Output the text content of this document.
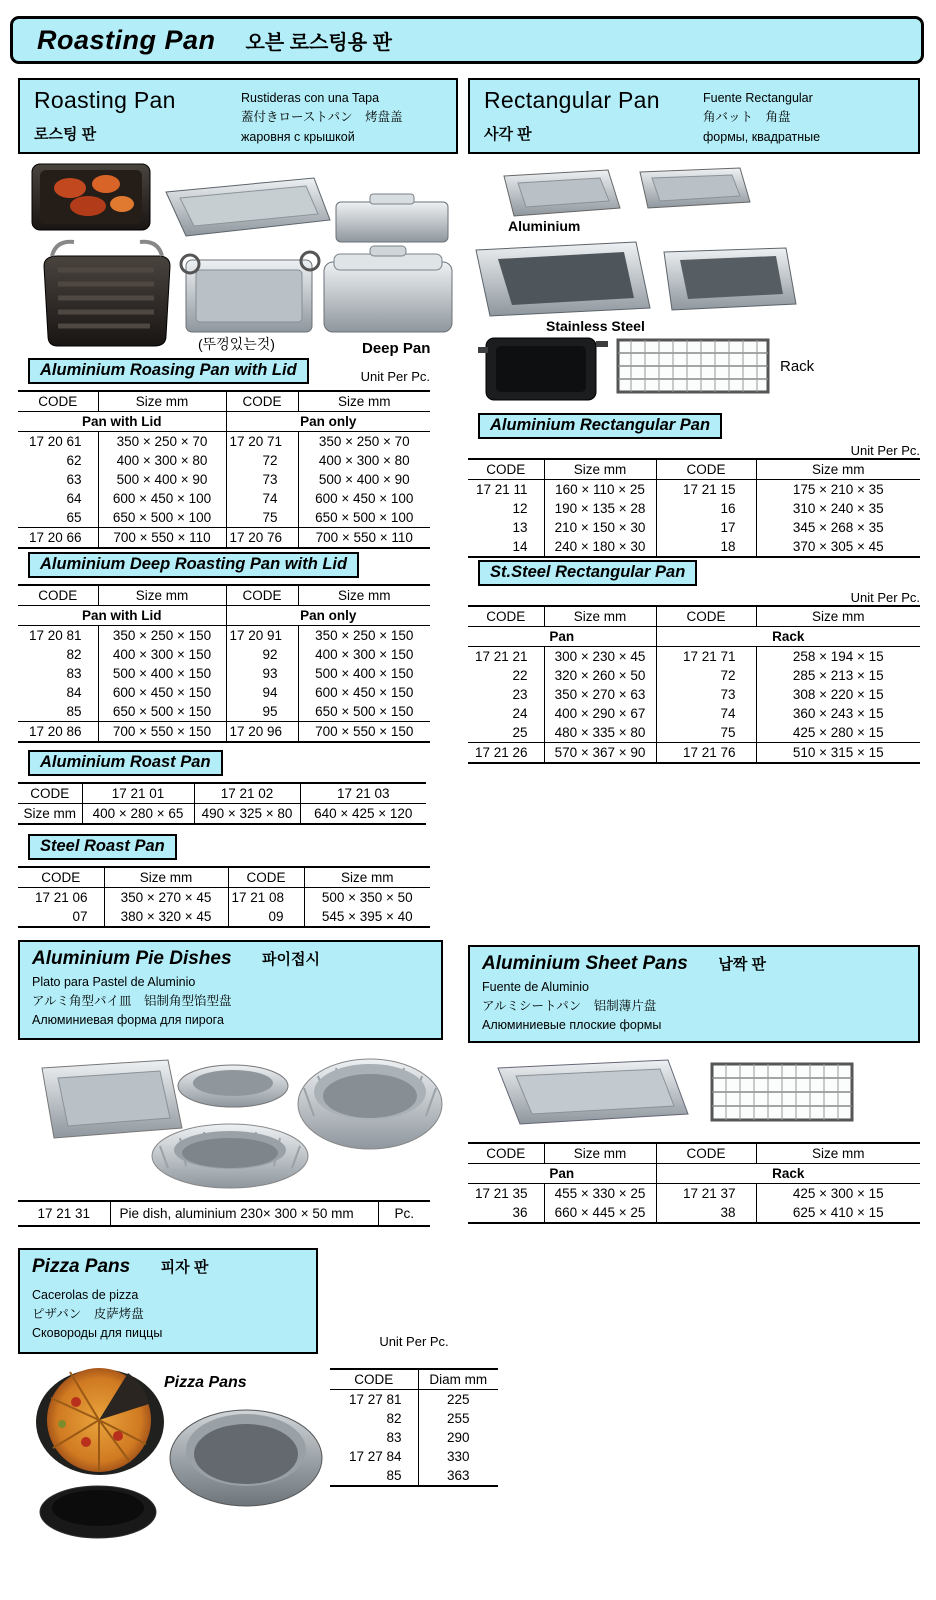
Roasting Pan 오븐 로스팅용 판
Roasting Pan
로스팅 판
Rustideras con una Tapa
蓋付きローストパン　烤盘盖
жаровня с крышкой
(뚜껑있는것)	Deep Pan
Aluminium Roasing Pan with Lid	Unit Per Pc.
CODE	Size mm	CODE	Size mm
Pan with Lid		Pan only	
17 20 61	350 × 250 × 70	17 20 71	350 × 250 × 70
62	400 × 300 × 80	72	400 × 300 × 80
63	500 × 400 × 90	73	500 × 400 × 90
64	600 × 450 × 100	74	600 × 450 × 100
65	650 × 500 × 100	75	650 × 500 × 100
17 20 66	700 × 550 × 110	17 20 76	700 × 550 × 110
Aluminium Deep Roasting Pan with Lid
CODE	Size mm	CODE	Size mm
Pan with Lid		Pan only	
17 20 81	350 × 250 × 150	17 20 91	350 × 250 × 150
82	400 × 300 × 150	92	400 × 300 × 150
83	500 × 400 × 150	93	500 × 400 × 150
84	600 × 450 × 150	94	600 × 450 × 150
85	650 × 500 × 150	95	650 × 500 × 150
17 20 86	700 × 550 × 150	17 20 96	700 × 550 × 150
Aluminium Roast Pan
CODE	17 21 01	17 21 02	17 21 03
Size mm	400 × 280 × 65	490 × 325 × 80	640 × 425 × 120
Steel Roast Pan
CODE	Size mm	CODE	Size mm
17 21 06	350 × 270 × 45	17 21 08	500 × 350 × 50
07	380 × 320 × 45	09	545 × 395 × 40
Aluminium Pie Dishes 파이접시
Plato para Pastel de Aluminio
アルミ角型パイ皿　铝制角型馅型盘
Алюминиевая форма для пирога
17 21 31	Pie dish, aluminium 230× 300 × 50 mm	Pc.
Pizza Pans 피자 판
Cacerolas de pizza
ピザパン　皮萨烤盘
Сковороды для пиццы
Unit Per Pc.
Pizza Pans	CODE	Diam mm
17 27 81	225
82	255
83	290
17 27 84	330
85	363
Rectangular Pan
사각 판
Fuente Rectangular
角バット　角盘
формы, квадратные
Aluminium
Stainless Steel
Rack
Aluminium Rectangular Pan
Unit Per Pc.
CODE	Size mm	CODE	Size mm
17 21 11	160 × 110 × 25	17 21 15	175 × 210 × 35
12	190 × 135 × 28	16	310 × 240 × 35
13	210 × 150 × 30	17	345 × 268 × 35
14	240 × 180 × 30	18	370 × 305 × 45
St.Steel Rectangular Pan
Unit Per Pc.
CODE	Size mm	CODE	Size mm
Pan		Rack	
17 21 21	300 × 230 × 45	17 21 71	258 × 194 × 15
22	320 × 260 × 50	72	285 × 213 × 15
23	350 × 270 × 63	73	308 × 220 × 15
24	400 × 290 × 67	74	360 × 243 × 15
25	480 × 335 × 80	75	425 × 280 × 15
17 21 26	570 × 367 × 90	17 21 76	510 × 315 × 15
Aluminium Sheet Pans 납짝 판
Fuente de Aluminio
アルミシートパン　铝制薄片盘
Алюминиевые плоские формы
CODE	Size mm	CODE	Size mm
Pan		Rack	
17 21 35	455 × 330 × 25	17 21 37	425 × 300 × 15
36	660 × 445 × 25	38	625 × 410 × 15
